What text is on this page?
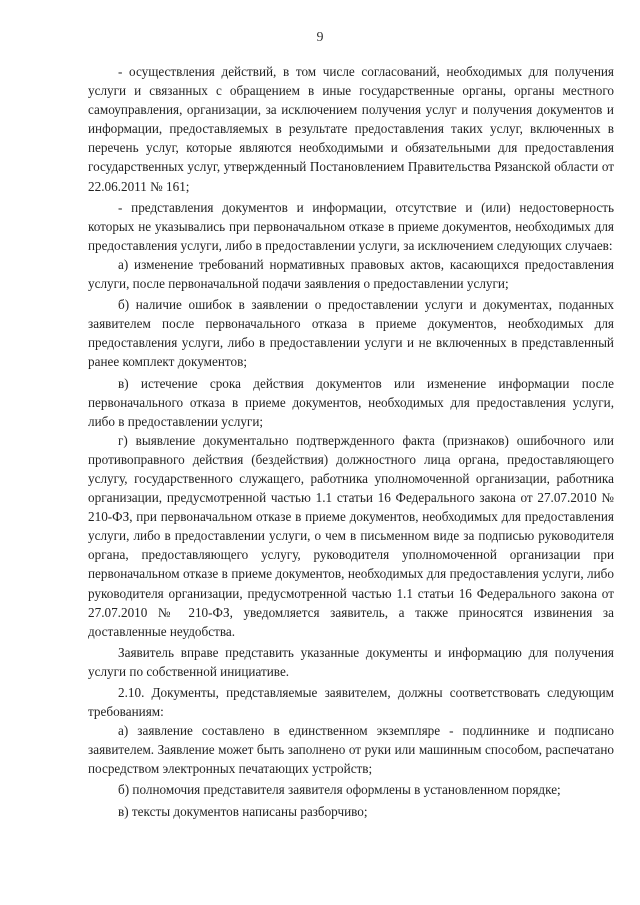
9

- осуществления действий, в том числе согласований, необходимых для получения услуги и связанных с обращением в иные государственные органы, органы местного самоуправления, организации, за исключением получения услуг и получения документов и информации, предоставляемых в результате предоставления таких услуг, включенных в перечень услуг, которые являются необходимыми и обязательными для предоставления государственных услуг, утвержденный Постановлением Правительства Рязанской области от 22.06.2011 № 161;

- представления документов и информации, отсутствие и (или) недостоверность которых не указывались при первоначальном отказе в приеме документов, необходимых для предоставления услуги, либо в предоставлении услуги, за исключением следующих случаев:

а) изменение требований нормативных правовых актов, касающихся предоставления услуги, после первоначальной подачи заявления о предоставлении услуги;

б) наличие ошибок в заявлении о предоставлении услуги и документах, поданных заявителем после первоначального отказа в приеме документов, необходимых для предоставления услуги, либо в предоставлении услуги и не включенных в представленный ранее комплект документов;

в) истечение срока действия документов или изменение информации после первоначального отказа в приеме документов, необходимых для предоставления услуги, либо в предоставлении услуги;

г) выявление документально подтвержденного факта (признаков) ошибочного или противоправного действия (бездействия) должностного лица органа, предоставляющего услугу, государственного служащего, работника уполномоченной организации, работника организации, предусмотренной частью 1.1 статьи 16 Федерального закона от 27.07.2010 № 210-ФЗ, при первоначальном отказе в приеме документов, необходимых для предоставления услуги, либо в предоставлении услуги, о чем в письменном виде за подписью руководителя органа, предоставляющего услугу, руководителя уполномоченной организации при первоначальном отказе в приеме документов, необходимых для предоставления услуги, либо руководителя организации, предусмотренной частью 1.1 статьи 16 Федерального закона от 27.07.2010 № 210-ФЗ, уведомляется заявитель, а также приносятся извинения за доставленные неудобства.

Заявитель вправе представить указанные документы и информацию для получения услуги по собственной инициативе.

2.10. Документы, представляемые заявителем, должны соответствовать следующим требованиям:

а) заявление составлено в единственном экземпляре - подлиннике и подписано заявителем. Заявление может быть заполнено от руки или машинным способом, распечатано посредством электронных печатающих устройств;

б) полномочия представителя заявителя оформлены в установленном порядке;

в) тексты документов написаны разборчиво;
